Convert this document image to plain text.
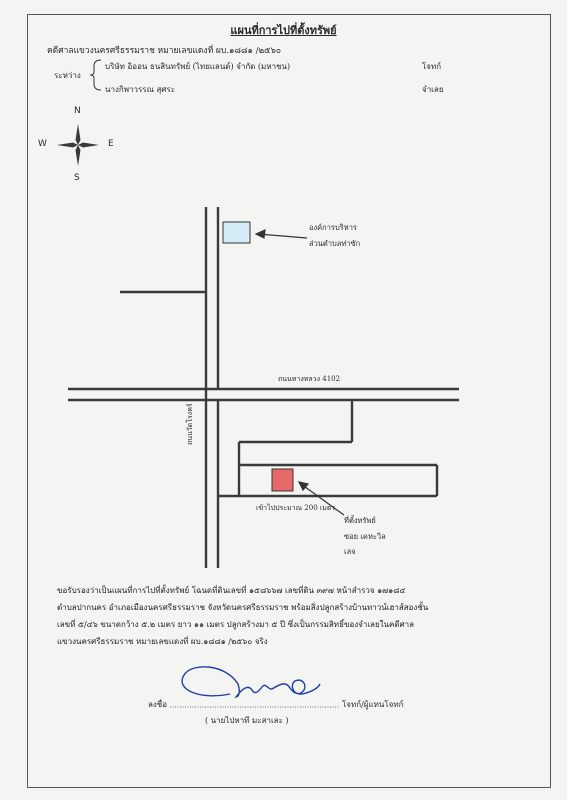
แผนที่การไปที่ตั้งทรัพย์
คดีศาลแขวงนครศรีธรรมราช หมายเลขแดงที่ ผบ.๑๘๘๑ /๒๕๖๐
ระหว่าง
บริษัท อิออน ธนสินทรัพย์ (ไทยแลนด์) จำกัด (มหาชน)	โจทก์
นางกิพาวรรณ สุศระ	จำเลย
N
S
E
W
องค์การบริหาร
ส่วนตำบลท่าซัก
ถนนทางหลวง 4102
ถนนวัดโรงคร์
เข้าไปประมาณ 200 เมตร
ที่ตั้งทรัพย์
ซอย เคหะวิล
เลจ
ขอรับรองว่าเป็นแผนที่การไปที่ตั้งทรัพย์ โฉนดที่ดินเลขที่ ๑๕๘๖๖๗ เลขที่ดิน ๓๙๗ หน้าสำรวจ ๑๗๑๘๔
ตำบลปากนคร อำเภอเมืองนครศรีธรรมราช จังหวัดนครศรีธรรมราช พร้อมสิ่งปลูกสร้างบ้านทาวน์เฮาส์สองชั้น
เลขที่ ๕/๔๖ ขนาดกว้าง ๕.๒ เมตร ยาว ๑๑ เมตร ปลูกสร้างมา ๕ ปี ซึ่งเป็นกรรมสิทธิ์ของจำเลยในคดีศาล
แขวงนครศรีธรรมราช หมายเลขแดงที่ ผบ.๑๘๘๑ /๒๕๖๐ จริง
ลงชื่อ	โจทก์/ผู้แทนโจทก์
( นายไปหาที มะสาเละ )
